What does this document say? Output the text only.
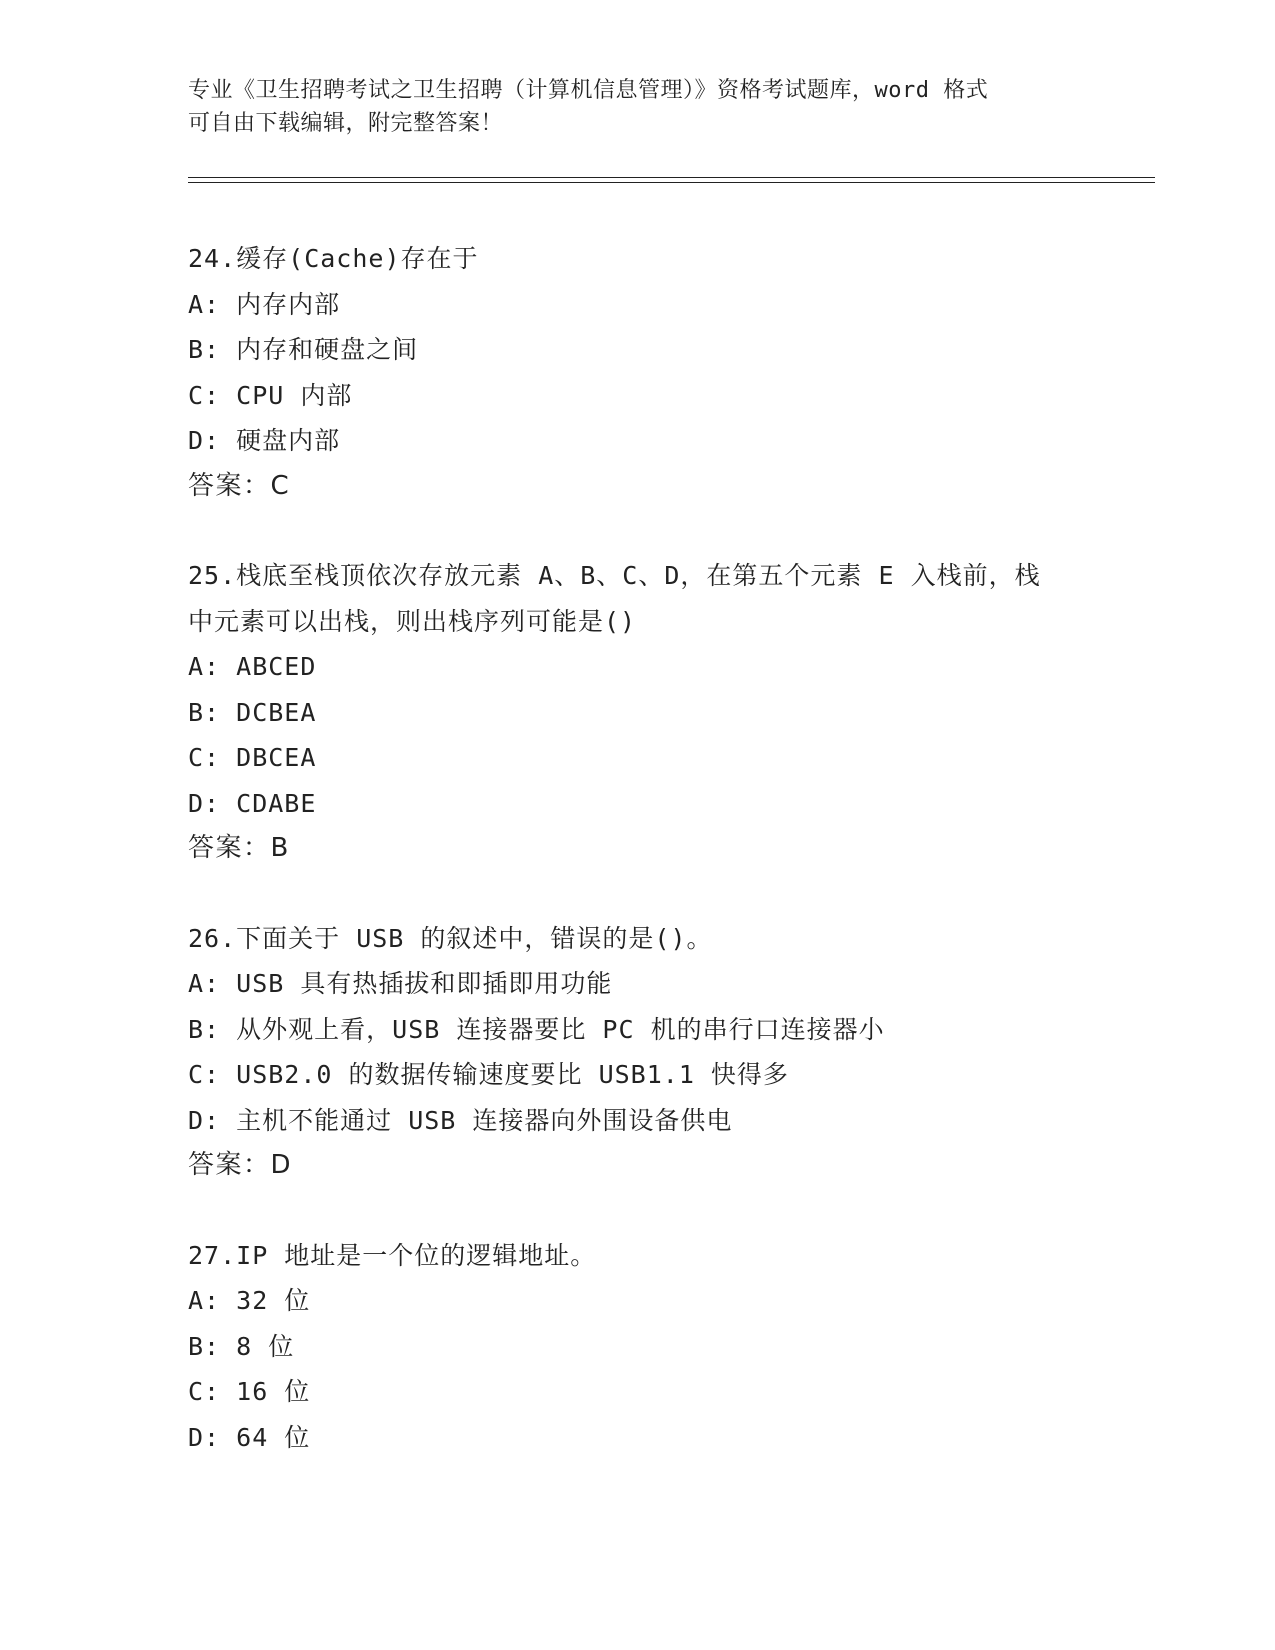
专业《卫生招聘考试之卫生招聘（计算机信息管理）》资格考试题库，word 格式
可自由下载编辑，附完整答案！
24.缓存(Cache)存在于
A: 内存内部
B: 内存和硬盘之间
C: CPU 内部
D: 硬盘内部
答案：C
25.栈底至栈顶依次存放元素 A、B、C、D，在第五个元素 E 入栈前，栈
中元素可以出栈，则出栈序列可能是()
A: ABCED
B: DCBEA
C: DBCEA
D: CDABE
答案：B
26.下面关于 USB 的叙述中，错误的是()。
A: USB 具有热插拔和即插即用功能
B: 从外观上看，USB 连接器要比 PC 机的串行口连接器小
C: USB2.0 的数据传输速度要比 USB1.1 快得多
D: 主机不能通过 USB 连接器向外围设备供电
答案：D
27.IP 地址是一个位的逻辑地址。
A: 32 位
B: 8 位
C: 16 位
D: 64 位
